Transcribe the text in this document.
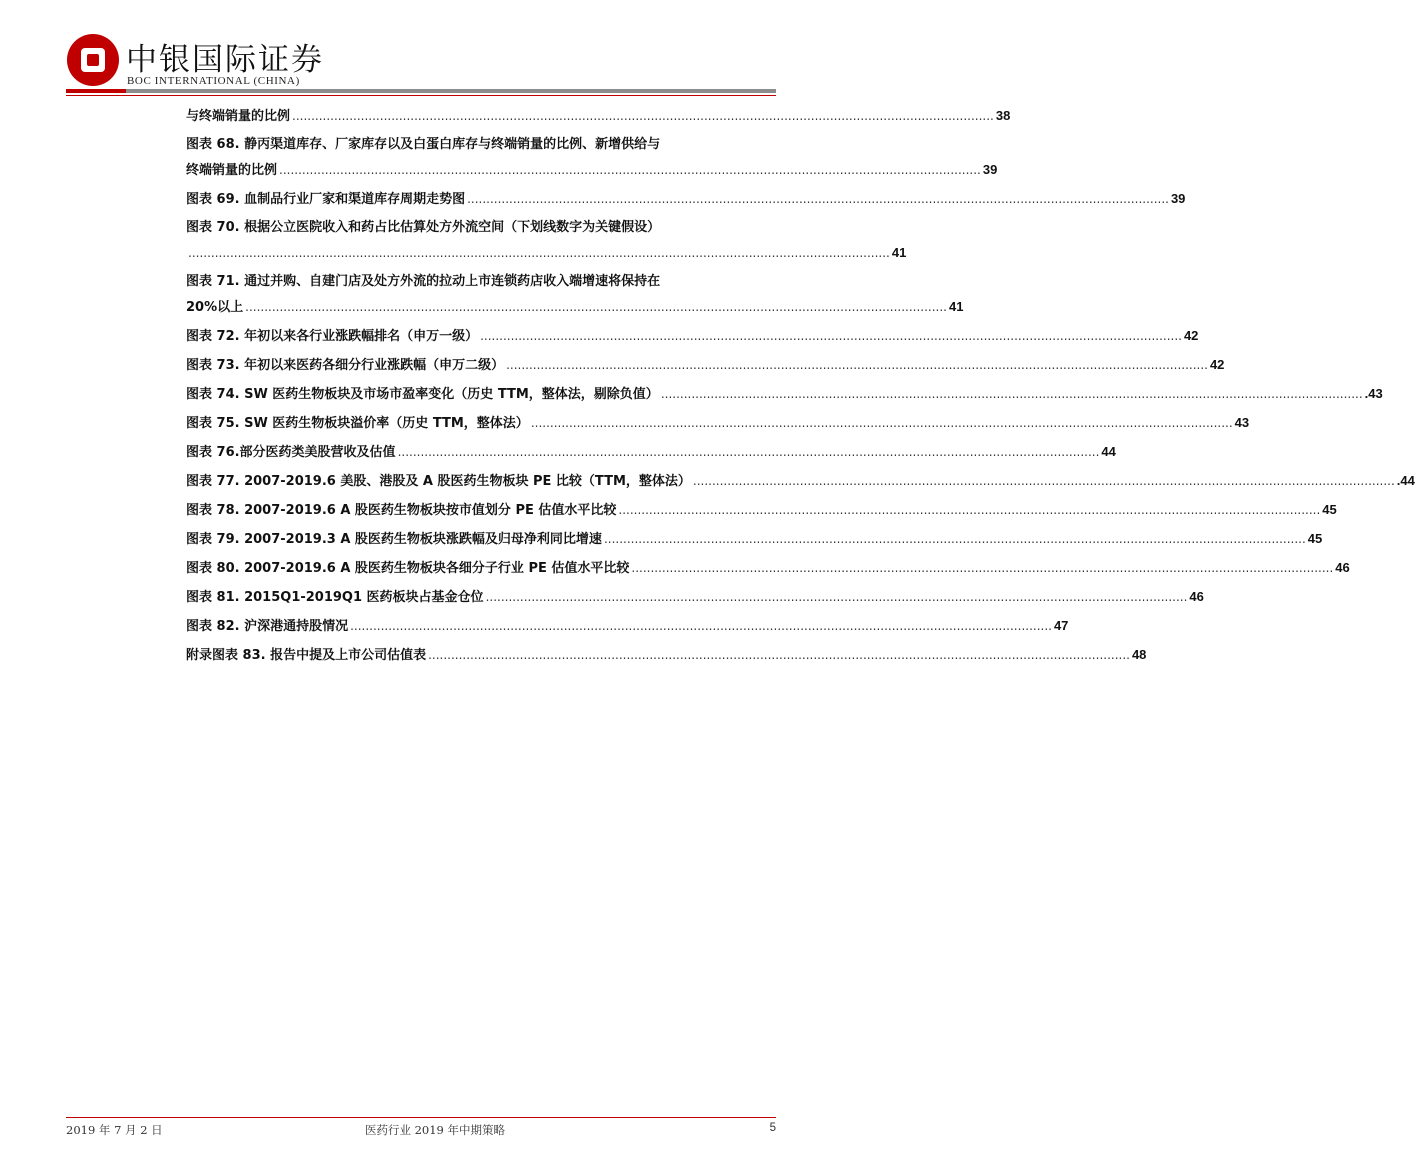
中银国际证券
BOC INTERNATIONAL (CHINA)
与终端销量的比例 ........................................................................................................................................................................................ 38
图表 68. 静丙渠道库存、厂家库存以及白蛋白库存与终端销量的比例、新增供给与
终端销量的比例 ........................................................................................................................................................................................ 39
图表 69. 血制品行业厂家和渠道库存周期走势图 ........................................................................................................................................................................................ 39
图表 70. 根据公立医院收入和药占比估算处方外流空间（下划线数字为关键假设）
........................................................................................................................................................................................ 41
图表 71. 通过并购、自建门店及处方外流的拉动上市连锁药店收入端增速将保持在
20%以上 ........................................................................................................................................................................................ 41
图表 72. 年初以来各行业涨跌幅排名（申万一级） ........................................................................................................................................................................................ 42
图表 73. 年初以来医药各细分行业涨跌幅（申万二级） ........................................................................................................................................................................................ 42
图表 74. SW 医药生物板块及市场市盈率变化（历史 TTM，整体法，剔除负值） ........................................................................................................................................................................................ .43
图表 75. SW 医药生物板块溢价率（历史 TTM，整体法） ........................................................................................................................................................................................ 43
图表 76.部分医药类美股营收及估值 ........................................................................................................................................................................................ 44
图表 77. 2007-2019.6 美股、港股及 A 股医药生物板块 PE 比较（TTM，整体法） ........................................................................................................................................................................................ .44
图表 78. 2007-2019.6 A 股医药生物板块按市值划分 PE 估值水平比较 ........................................................................................................................................................................................ 45
图表 79. 2007-2019.3 A 股医药生物板块涨跌幅及归母净利同比增速 ........................................................................................................................................................................................ 45
图表 80. 2007-2019.6 A 股医药生物板块各细分子行业 PE 估值水平比较 ........................................................................................................................................................................................ 46
图表 81. 2015Q1-2019Q1 医药板块占基金仓位 ........................................................................................................................................................................................ 46
图表 82. 沪深港通持股情况 ........................................................................................................................................................................................ 47
附录图表 83. 报告中提及上市公司估值表 ........................................................................................................................................................................................ 48
2019 年 7 月 2 日	医药行业 2019 年中期策略	5
